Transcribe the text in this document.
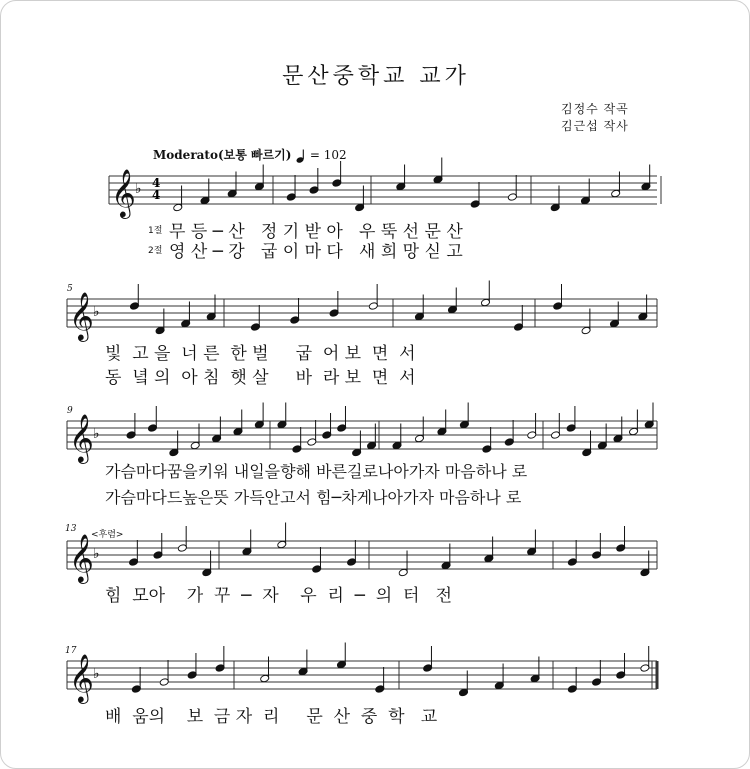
문산중학교 교가
김정수 작곡
김근섭 작사
Moderato(보통 빠르기) = 102
𝄞 ♭
𝄞 ♭
𝄞 ♭
𝄞 ♭
𝄞 ♭
4
4
5
9
13
17
<후렴>
1절
2절
무 등 ─ 산   정 기 받 아   우 뚝 선 문 산
영 산 ─ 강   굽 이 마 다   새 희 망 싣 고
빛  고 을  너 른  한 벌     굽  어 보  면  서
동  녘 의  아 침  햇 살     바  라 보  면  서
가슴마다꿈을키워 내일을향해 바른길로나아가자 마음하나 로
가슴마다드높은뜻 가득안고서 힘─차게나아가자 마음하나 로
힘  모아    가  꾸  ─  자    우  리  ─  의  터   전
배  움의    보  금 자  리     문  산  중  학   교
